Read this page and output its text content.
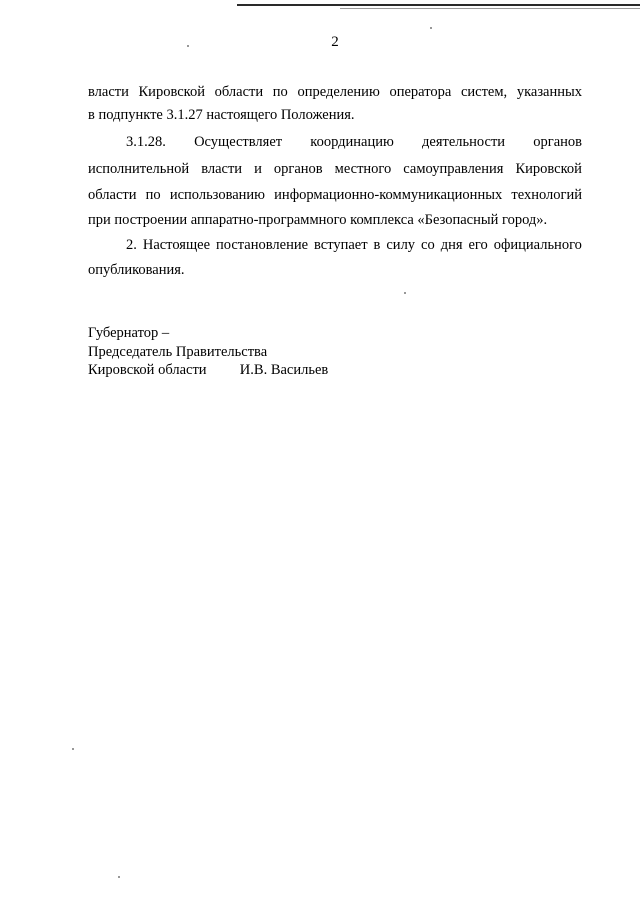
2
власти Кировской области по определению оператора систем, указанных
в подпункте 3.1.27 настоящего Положения.
3.1.28. Осуществляет координацию деятельности органов
исполнительной власти и органов местного самоуправления Кировской
области по использованию информационно-коммуникационных технологий
при построении аппаратно-программного комплекса «Безопасный город».
2. Настоящее постановление вступает в силу со дня его официального
опубликования.
Губернатор –
Председатель Правительства
Кировской области И.В. Васильев
